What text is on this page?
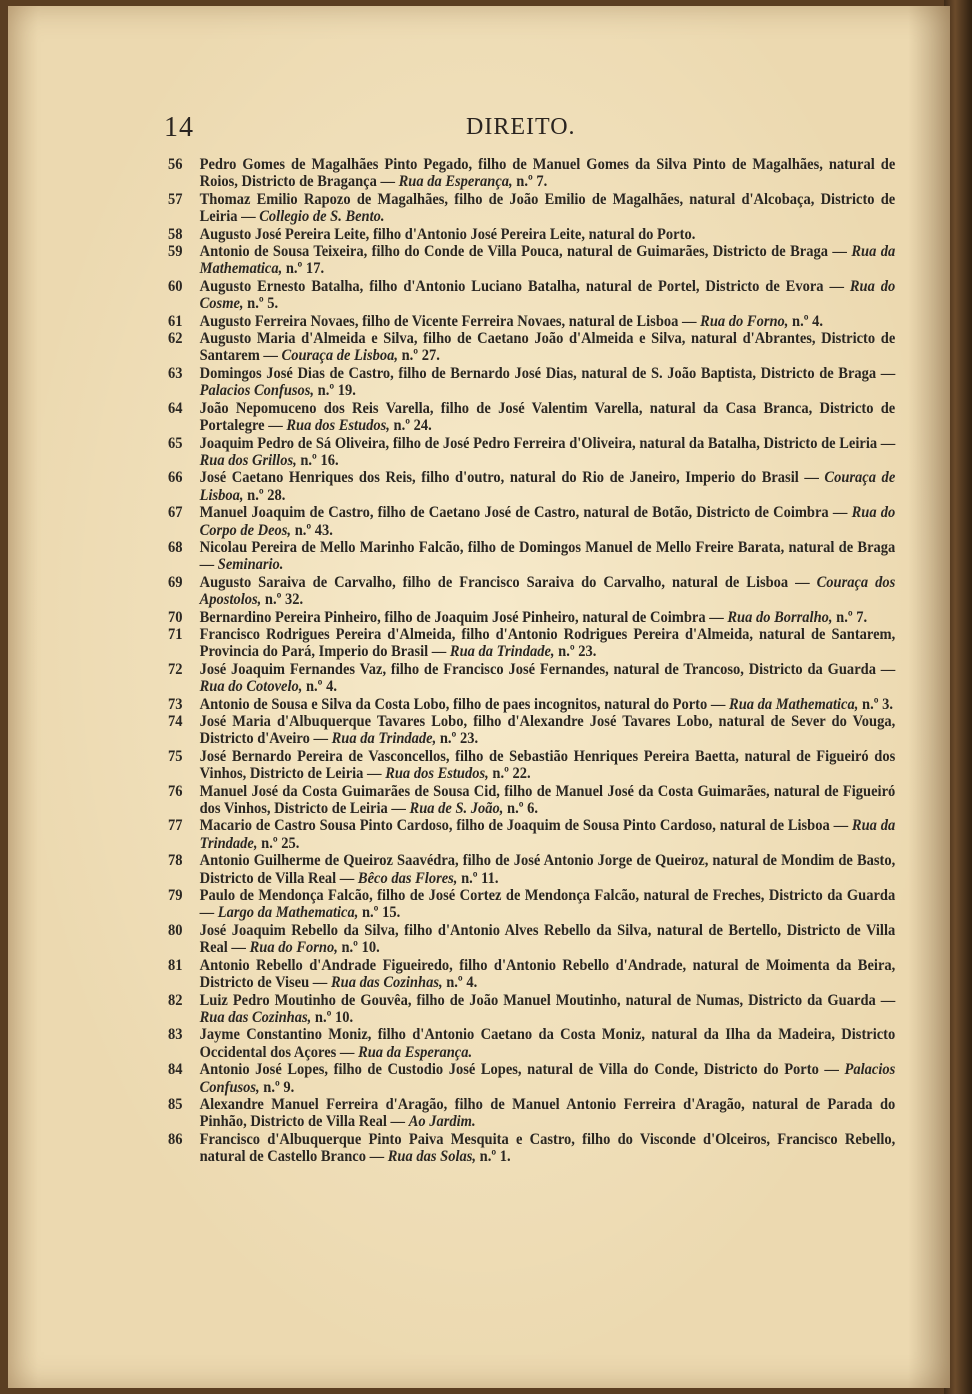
14	DIREITO.
56	Pedro Gomes de Magalhães Pinto Pegado, filho de Manuel Gomes da Silva Pinto de Magalhães, natural de Roios, Districto de Bragança — Rua da Esperança, n.º 7.
57	Thomaz Emilio Rapozo de Magalhães, filho de João Emilio de Magalhães, natural d'Alcobaça, Districto de Leiria — Collegio de S. Bento.
58	Augusto José Pereira Leite, filho d'Antonio José Pereira Leite, natural do Porto.
59	Antonio de Sousa Teixeira, filho do Conde de Villa Pouca, natural de Guimarães, Districto de Braga — Rua da Mathematica, n.º 17.
60	Augusto Ernesto Batalha, filho d'Antonio Luciano Batalha, natural de Portel, Districto de Evora — Rua do Cosme, n.º 5.
61	Augusto Ferreira Novaes, filho de Vicente Ferreira Novaes, natural de Lisboa — Rua do Forno, n.º 4.
62	Augusto Maria d'Almeida e Silva, filho de Caetano João d'Almeida e Silva, natural d'Abrantes, Districto de Santarem — Couraça de Lisboa, n.º 27.
63	Domingos José Dias de Castro, filho de Bernardo José Dias, natural de S. João Baptista, Districto de Braga — Palacios Confusos, n.º 19.
64	João Nepomuceno dos Reis Varella, filho de José Valentim Varella, natural da Casa Branca, Districto de Portalegre — Rua dos Estudos, n.º 24.
65	Joaquim Pedro de Sá Oliveira, filho de José Pedro Ferreira d'Oliveira, natural da Batalha, Districto de Leiria — Rua dos Grillos, n.º 16.
66	José Caetano Henriques dos Reis, filho d'outro, natural do Rio de Janeiro, Imperio do Brasil — Couraça de Lisboa, n.º 28.
67	Manuel Joaquim de Castro, filho de Caetano José de Castro, natural de Botão, Districto de Coimbra — Rua do Corpo de Deos, n.º 43.
68	Nicolau Pereira de Mello Marinho Falcão, filho de Domingos Manuel de Mello Freire Barata, natural de Braga — Seminario.
69	Augusto Saraiva de Carvalho, filho de Francisco Saraiva do Carvalho, natural de Lisboa — Couraça dos Apostolos, n.º 32.
70	Bernardino Pereira Pinheiro, filho de Joaquim José Pinheiro, natural de Coimbra — Rua do Borralho, n.º 7.
71	Francisco Rodrigues Pereira d'Almeida, filho d'Antonio Rodrigues Pereira d'Almeida, natural de Santarem, Provincia do Pará, Imperio do Brasil — Rua da Trindade, n.º 23.
72	José Joaquim Fernandes Vaz, filho de Francisco José Fernandes, natural de Trancoso, Districto da Guarda — Rua do Cotovelo, n.º 4.
73	Antonio de Sousa e Silva da Costa Lobo, filho de paes incognitos, natural do Porto — Rua da Mathematica, n.º 3.
74	José Maria d'Albuquerque Tavares Lobo, filho d'Alexandre José Tavares Lobo, natural de Sever do Vouga, Districto d'Aveiro — Rua da Trindade, n.º 23.
75	José Bernardo Pereira de Vasconcellos, filho de Sebastião Henriques Pereira Baetta, natural de Figueiró dos Vinhos, Districto de Leiria — Rua dos Estudos, n.º 22.
76	Manuel José da Costa Guimarães de Sousa Cid, filho de Manuel José da Costa Guimarães, natural de Figueiró dos Vinhos, Districto de Leiria — Rua de S. João, n.º 6.
77	Macario de Castro Sousa Pinto Cardoso, filho de Joaquim de Sousa Pinto Cardoso, natural de Lisboa — Rua da Trindade, n.º 25.
78	Antonio Guilherme de Queiroz Saavédra, filho de José Antonio Jorge de Queiroz, natural de Mondim de Basto, Districto de Villa Real — Bêco das Flores, n.º 11.
79	Paulo de Mendonça Falcão, filho de José Cortez de Mendonça Falcão, natural de Freches, Districto da Guarda — Largo da Mathematica, n.º 15.
80	José Joaquim Rebello da Silva, filho d'Antonio Alves Rebello da Silva, natural de Bertello, Districto de Villa Real — Rua do Forno, n.º 10.
81	Antonio Rebello d'Andrade Figueiredo, filho d'Antonio Rebello d'Andrade, natural de Moimenta da Beira, Districto de Viseu — Rua das Cozinhas, n.º 4.
82	Luiz Pedro Moutinho de Gouvêa, filho de João Manuel Moutinho, natural de Numas, Districto da Guarda — Rua das Cozinhas, n.º 10.
83	Jayme Constantino Moniz, filho d'Antonio Caetano da Costa Moniz, natural da Ilha da Madeira, Districto Occidental dos Açores — Rua da Esperança.
84	Antonio José Lopes, filho de Custodio José Lopes, natural de Villa do Conde, Districto do Porto — Palacios Confusos, n.º 9.
85	Alexandre Manuel Ferreira d'Aragão, filho de Manuel Antonio Ferreira d'Aragão, natural de Parada do Pinhão, Districto de Villa Real — Ao Jardim.
86	Francisco d'Albuquerque Pinto Paiva Mesquita e Castro, filho do Visconde d'Olceiros, Francisco Rebello, natural de Castello Branco — Rua das Solas, n.º 1.
